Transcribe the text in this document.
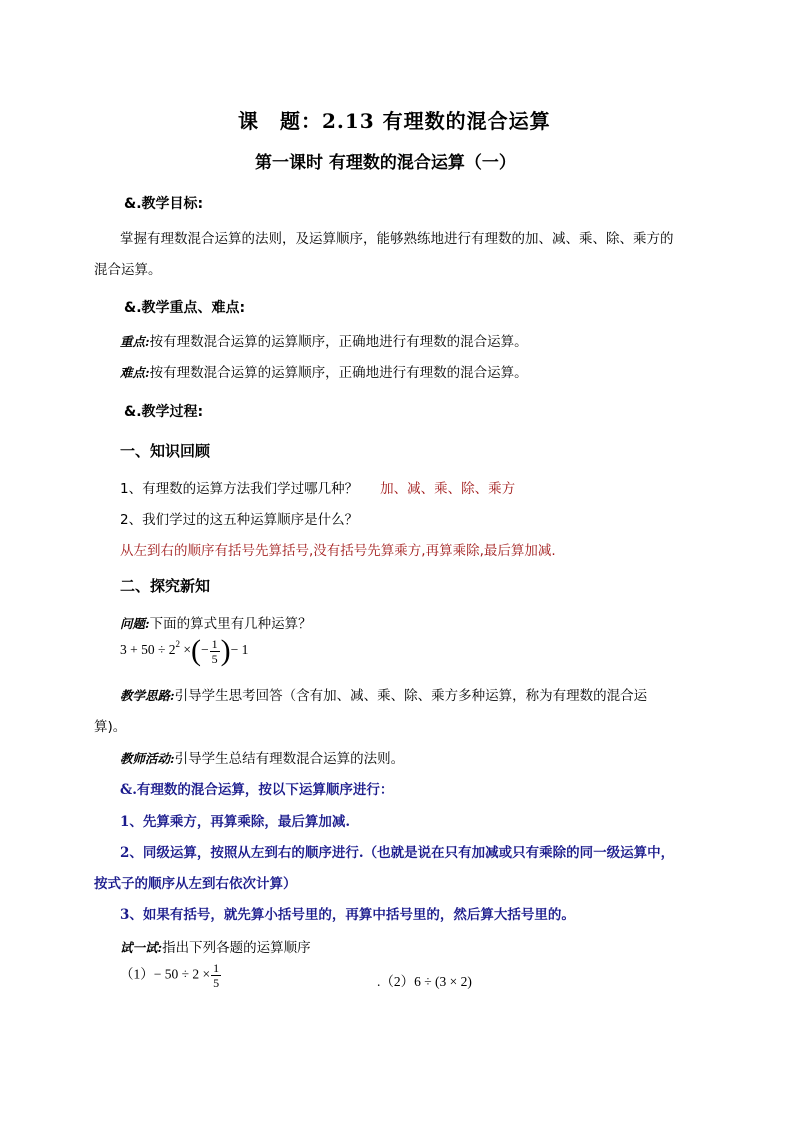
课　题：2.13 有理数的混合运算
第一课时 有理数的混合运算（一）
&.教学目标:
掌握有理数混合运算的法则，及运算顺序，能够熟练地进行有理数的加、减、乘、除、乘方的
混合运算。
&.教学重点、难点:
重点:按有理数混合运算的运算顺序，正确地进行有理数的混合运算。
难点:按有理数混合运算的运算顺序，正确地进行有理数的混合运算。
&.教学过程:
一、知识回顾
1、有理数的运算方法我们学过哪几种？ 加、减、乘、除、乘方
2、我们学过的这五种运算顺序是什么？
从左到右的顺序有括号先算括号,没有括号先算乘方,再算乘除,最后算加减.
二、探究新知
问题:下面的算式里有几种运算？
$3 + 50 \div 2^2$ ×(− $\frac{1}{5}$ )− 1
教学思路:引导学生思考回答（含有加、减、乘、除、乘方多种运算，称为有理数的混合运
算)。
教师活动:引导学生总结有理数混合运算的法则。
&.有理数的混合运算，按以下运算顺序进行：
1、先算乘方，再算乘除，最后算加减.
2、同级运算，按照从左到右的顺序进行.（也就是说在只有加减或只有乘除的同一级运算中，
按式子的顺序从左到右依次计算）
3、如果有括号，就先算小括号里的，再算中括号里的，然后算大括号里的。
试一试:指出下列各题的运算顺序
$(1)- 50 \div 2 \times \frac{1}{5}$	.（2）6 ÷ (3 × 2)
